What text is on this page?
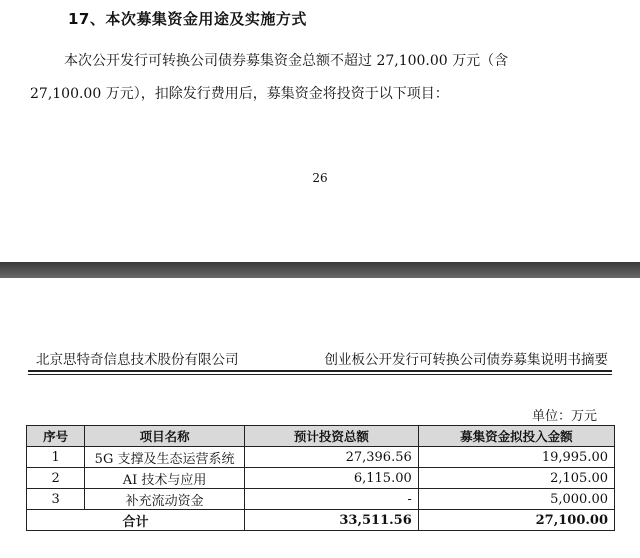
17、本次募集资金用途及实施方式
本次公开发行可转换公司债券募集资金总额不超过 27,100.00 万元（含
27,100.00 万元），扣除发行费用后，募集资金将投资于以下项目：
26
北京思特奇信息技术股份有限公司	创业板公开发行可转换公司债券募集说明书摘要
单位：万元
序号	项目名称	预计投资总额	募集资金拟投入金额
1	5G 支撑及生态运营系统	27,396.56	19,995.00
2	AI 技术与应用	6,115.00	2,105.00
3	补充流动资金	-	5,000.00
合计		33,511.56	27,100.00
